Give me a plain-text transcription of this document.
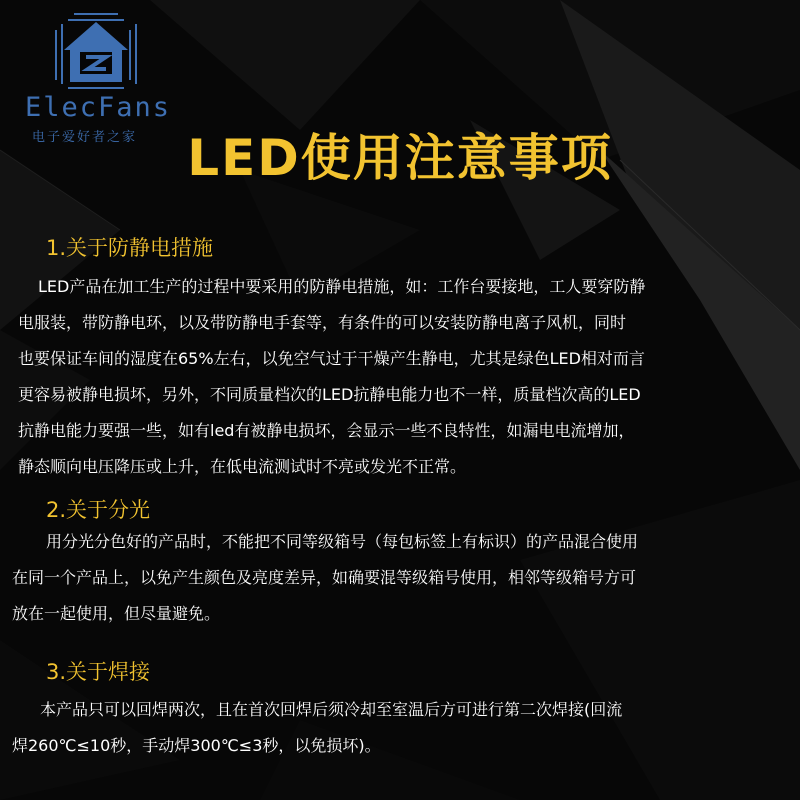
ElecFans
电子爱好者之家	LED使用注意事项
1.关于防静电措施
LED产品在加工生产的过程中要采用的防静电措施，如：工作台要接地，工人要穿防静
电服装，带防静电环，以及带防静电手套等，有条件的可以安装防静电离子风机，同时
也要保证车间的湿度在65%左右，以免空气过于干燥产生静电，尤其是绿色LED相对而言
更容易被静电损坏，另外，不同质量档次的LED抗静电能力也不一样，质量档次高的LED
抗静电能力要强一些，如有led有被静电损坏，会显示一些不良特性，如漏电电流增加，
静态顺向电压降压或上升，在低电流测试时不亮或发光不正常。
2.关于分光
用分光分色好的产品时，不能把不同等级箱号（每包标签上有标识）的产品混合使用
在同一个产品上，以免产生颜色及亮度差异，如确要混等级箱号使用，相邻等级箱号方可
放在一起使用，但尽量避免。
3.关于焊接
本产品只可以回焊两次，且在首次回焊后须冷却至室温后方可进行第二次焊接(回流
焊260℃≤10秒，手动焊300℃≤3秒，以免损坏)。
